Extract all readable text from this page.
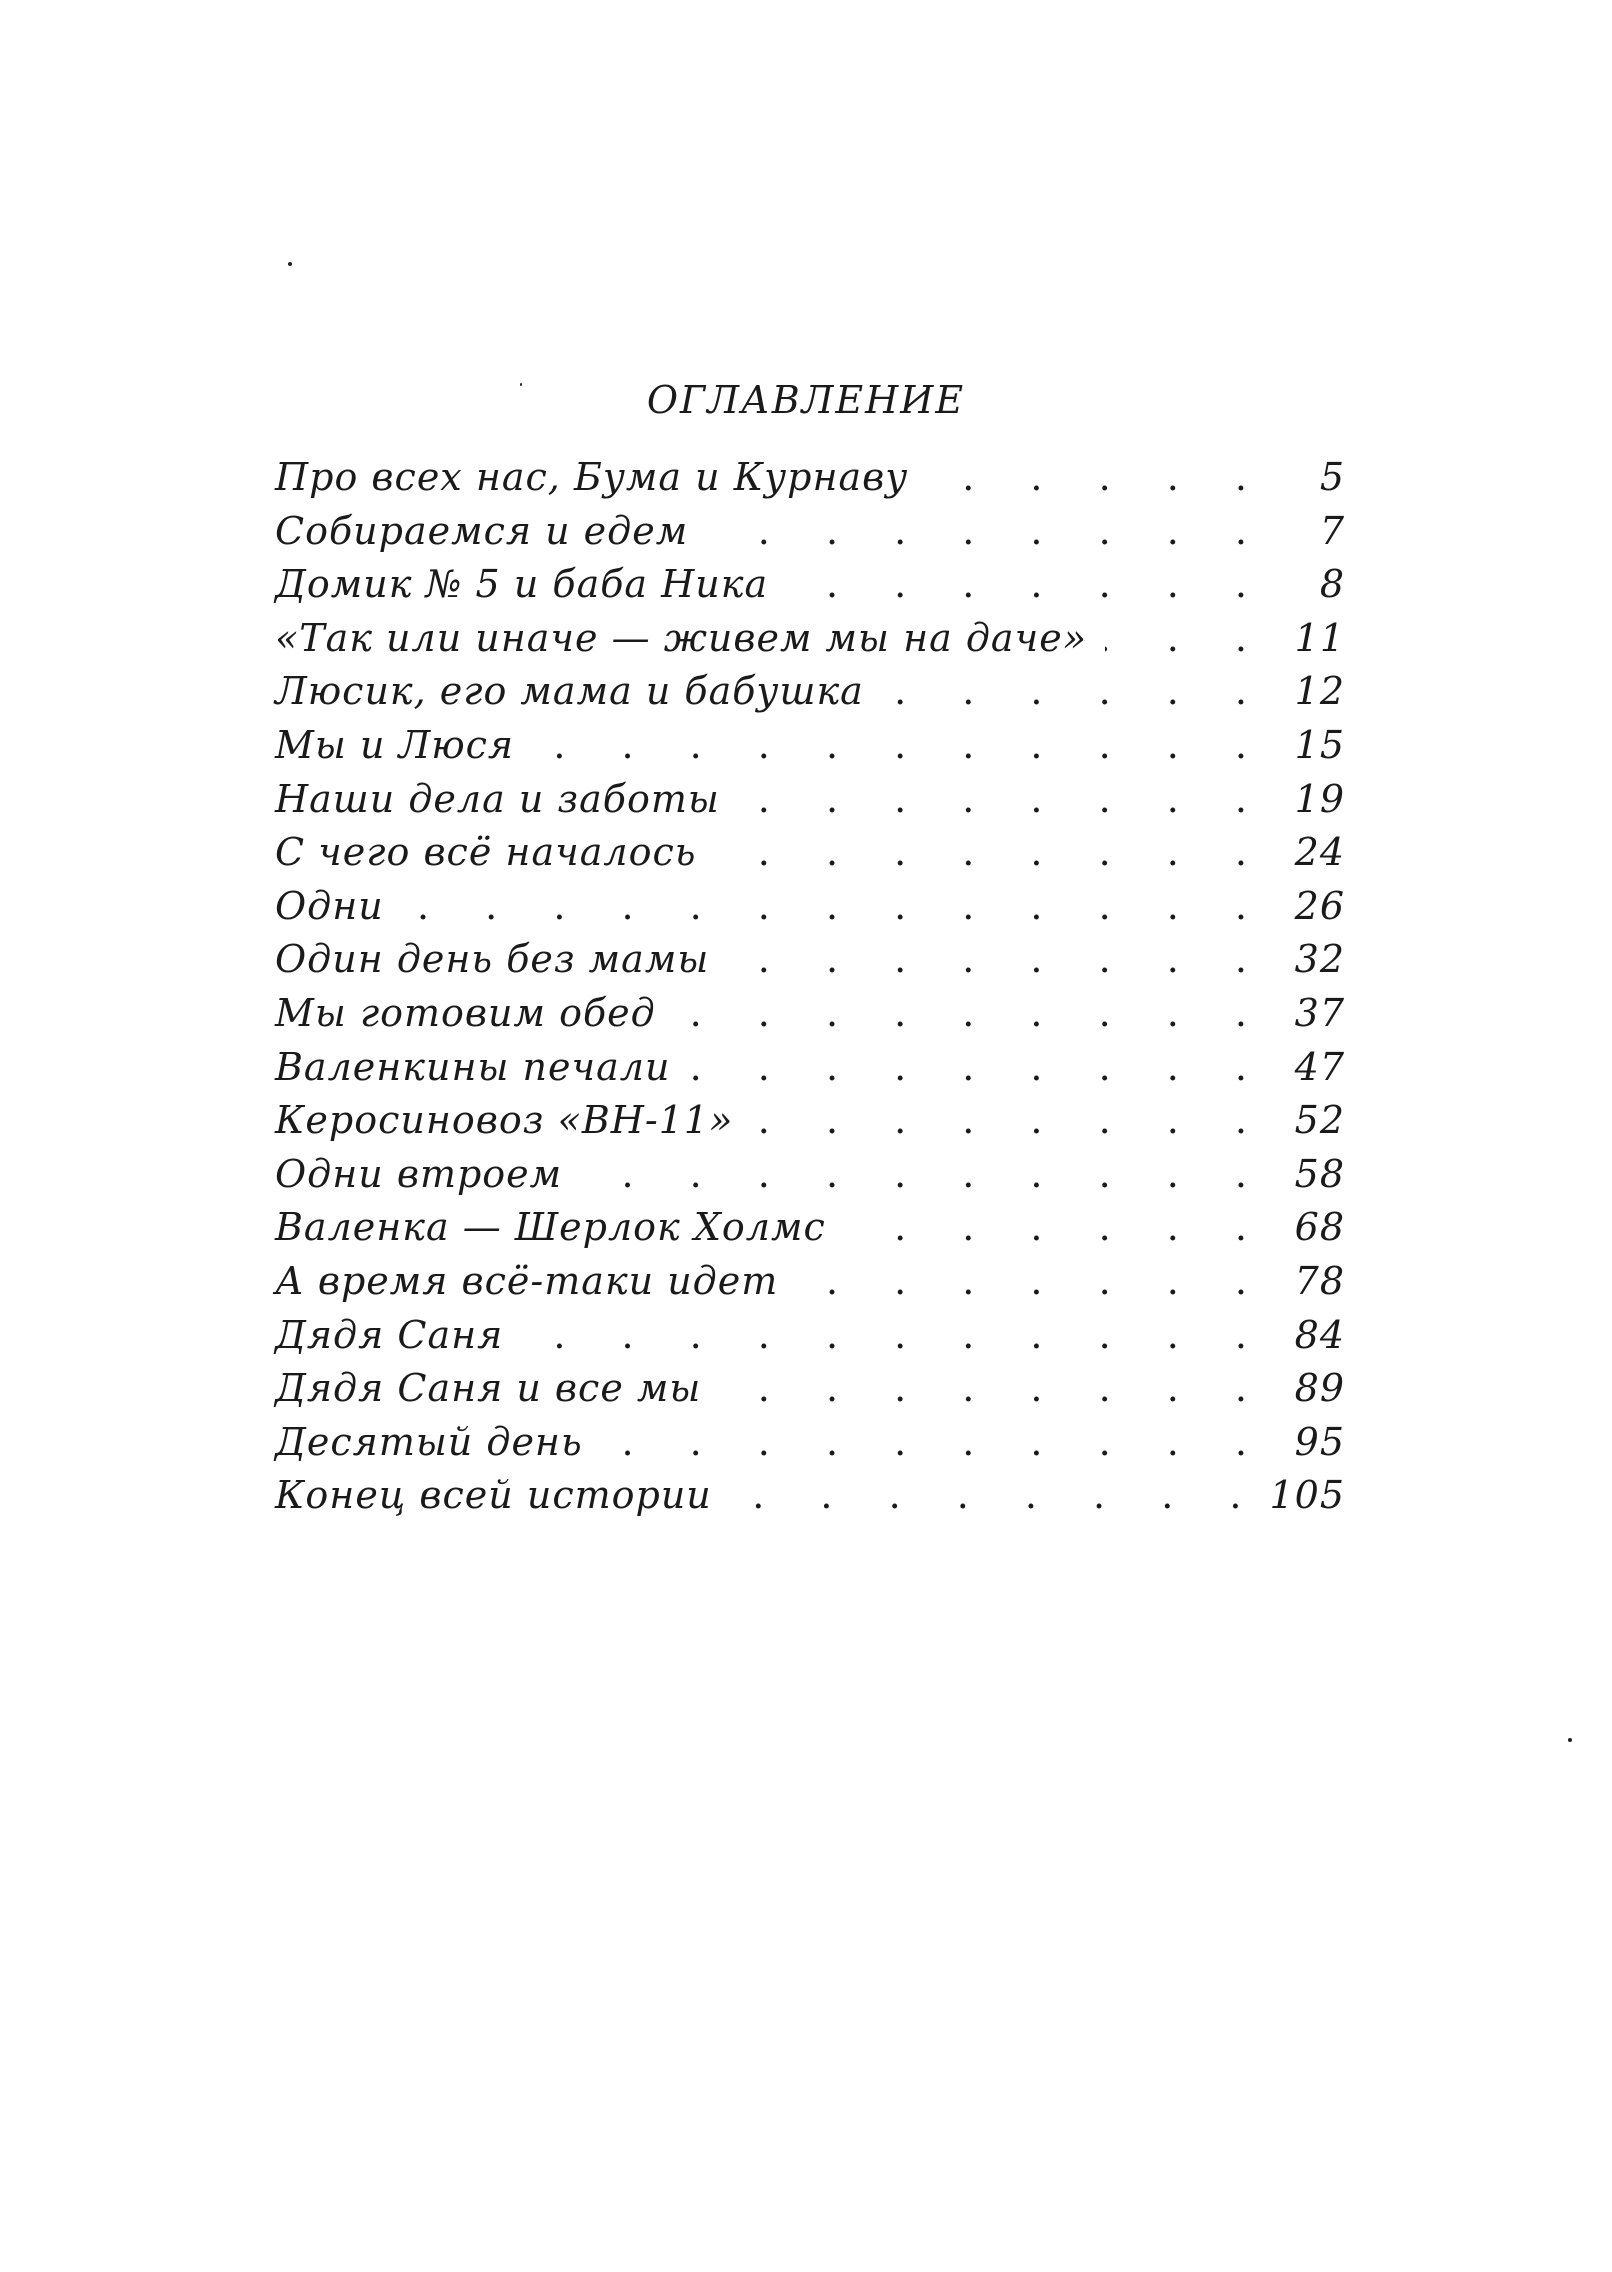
ОГЛАВЛЕНИЕ
Про всех нас, Бума и Курнаву . . .	5
Собираемся и едем . . .	7
Домик № 5 и баба Ника . . .	8
«Так или иначе — живем мы на даче» . . .	11
Люсик, его мама и бабушка . . .	12
Мы и Люся . . .	15
Наши дела и заботы . . .	19
С чего всё началось . . .	24
Одни . . .	26
Один день без мамы . . .	32
Мы готовим обед . . .	37
Валенкины печали . . .	47
Керосиновоз «ВН-11» . . .	52
Одни втроем . . .	58
Валенка — Шерлок Холмс . . .	68
А время всё-таки идет . . .	78
Дядя Саня . . .	84
Дядя Саня и все мы . . .	89
Десятый день . . .	95
Конец всей истории . . .	105
